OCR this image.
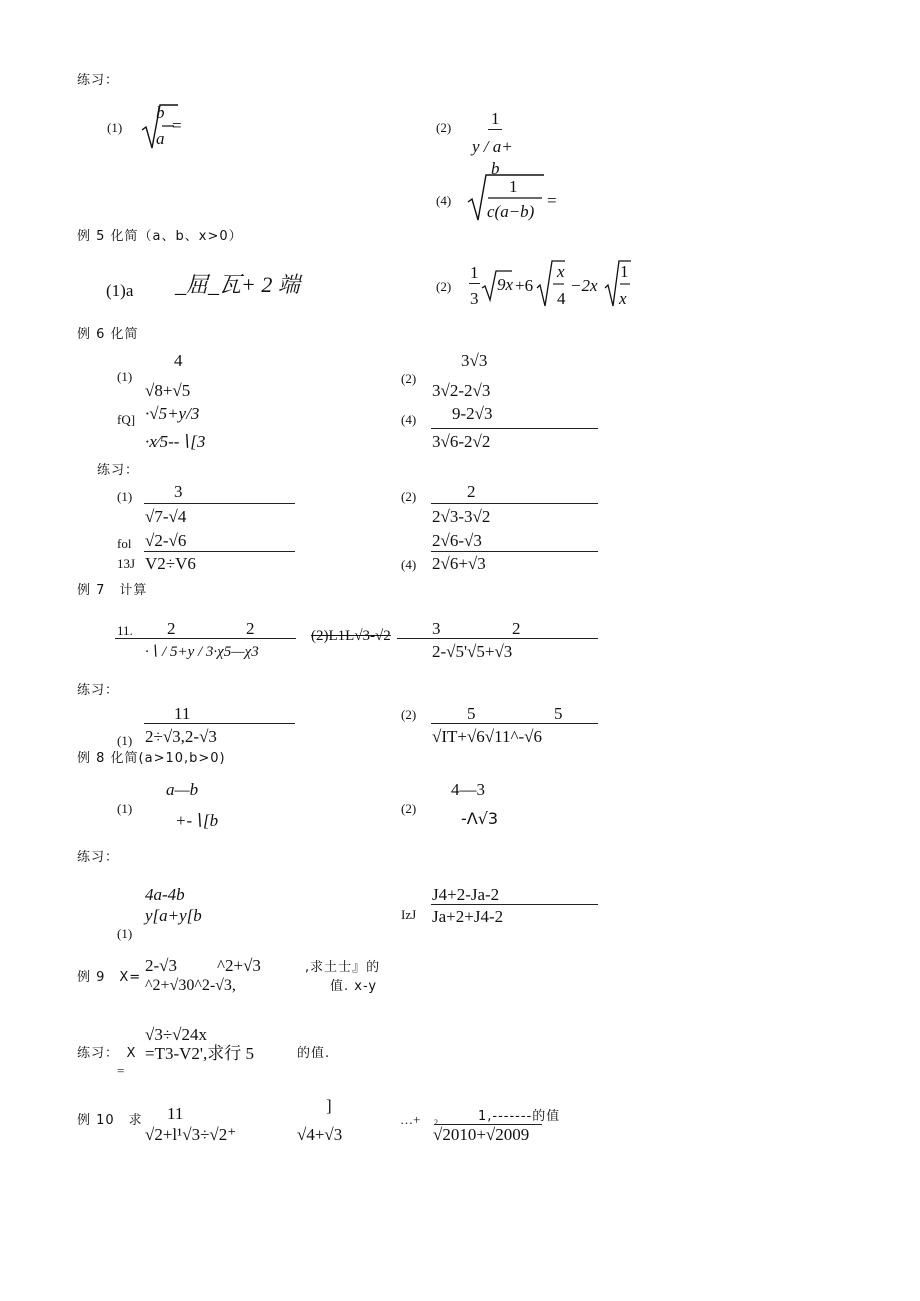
练习：
(1)
b
a
=	(2) 1
y / a+
b
(4)
1
c(a−b)
=
例 5 化简（a、b、x>0）
(1)a _屈_瓦+ 2 端	(2)
1
3
9x +6
x
4
−2x
1
x
例 6 化简
(1)
4
√8+√5
(2)
3√3
3√2-2√3
fQ] ·√5+y/3
·x∕5--∖[3
(4) 9-2√3
3√6-2√2
练习：
(1) 3
√7-√4
(2)	2
2√3-3√2
fol
13J
√2-√6
V2÷V6	(4)
2√6-√3
2√6+√3
例 7　计算
11. 2	2
·∖ / 5+y / 3·χ5—χ3
(2)L1L√3-√2 3	2
2-√5'√5+√3
练习：
11
2÷√3,2-√3
(1)
(2)	5	5
√IT+√6√11^-√6
例 8 化简(a>10,b>0)
(1)
a—b
+-∖[b
(2)
4—3
-Λ√3
练习：
4a-4b
y[a+y[b
(1)
IzJ
J4+2-Ja-2
Ja+2+J4-2
例 9　X=
2-√3 ^2+√3
^2+√30^2-√3,
,求土士』的
值. x-y
√3÷√24x
练习：　X =T3-V2',求行 5	的值.
=
例 10　求 11
√2+l¹√3÷√2⁺
]
√4+√3
…+ 2	1,-------的值
√2010+√2009
